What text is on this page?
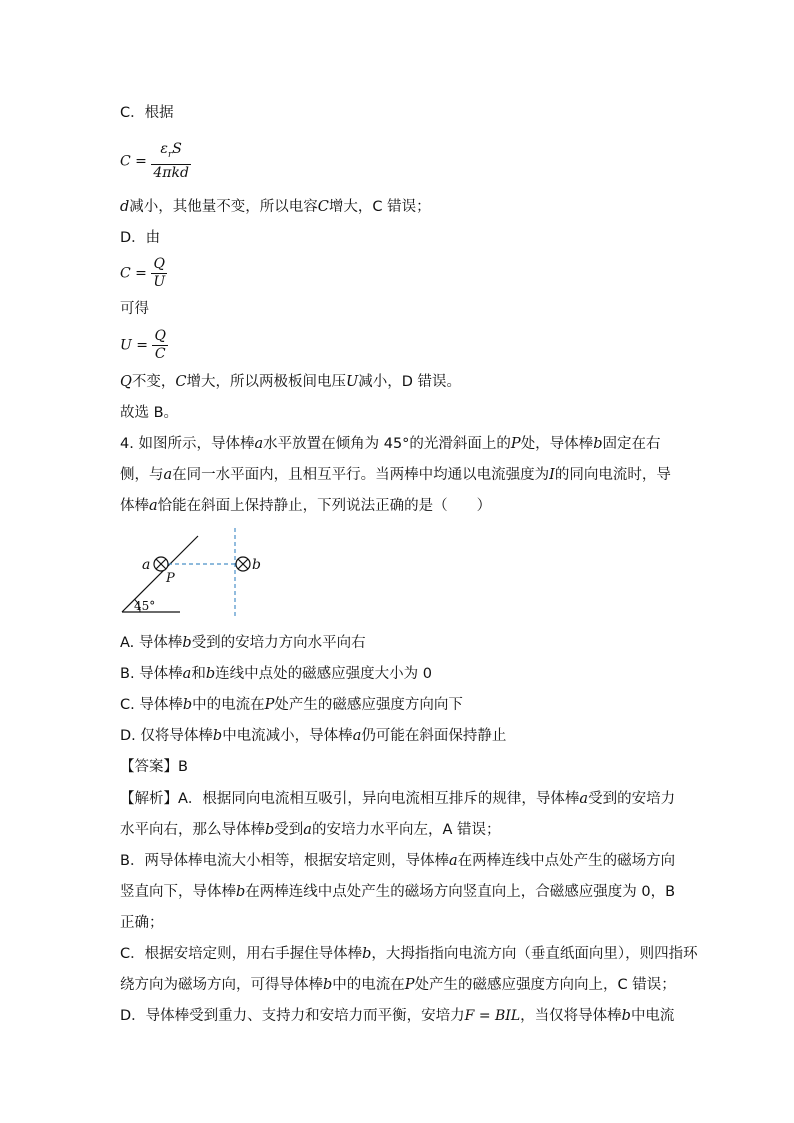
C．根据
$C = \frac{\varepsilon_rS}{\text{4πkd}}$
d减小，其他量不变，所以电容C增大，C 错误；
D．由
$C = \frac{Q}{U}$
可得
$U = \frac{Q}{C}$
Q不变，C增大，所以两极板间电压U减小，D 错误。
故选 B。
4. 如图所示，导体棒a水平放置在倾角为 45°的光滑斜面上的P处，导体棒b固定在右
侧，与a在同一水平面内，且相互平行。当两棒中均通以电流强度为I的同向电流时，导
体棒a恰能在斜面上保持静止，下列说法正确的是（　　）
a
P
b
45°
A. 导体棒b受到的安培力方向水平向右
B. 导体棒a和b连线中点处的磁感应强度大小为 0
C. 导体棒b中的电流在P处产生的磁感应强度方向向下
D. 仅将导体棒b中电流减小，导体棒a仍可能在斜面保持静止
【答案】B
【解析】A．根据同向电流相互吸引，异向电流相互排斥的规律，导体棒a受到的安培力
水平向右，那么导体棒b受到a的安培力水平向左，A 错误；
B．两导体棒电流大小相等，根据安培定则，导体棒a在两棒连线中点处产生的磁场方向
竖直向下，导体棒b在两棒连线中点处产生的磁场方向竖直向上，合磁感应强度为 0，B
正确；
C．根据安培定则，用右手握住导体棒b，大拇指指向电流方向（垂直纸面向里），则四指环
绕方向为磁场方向，可得导体棒b中的电流在P处产生的磁感应强度方向向上，C 错误；
D．导体棒受到重力、支持力和安培力而平衡，安培力F = BIL，当仅将导体棒b中电流
